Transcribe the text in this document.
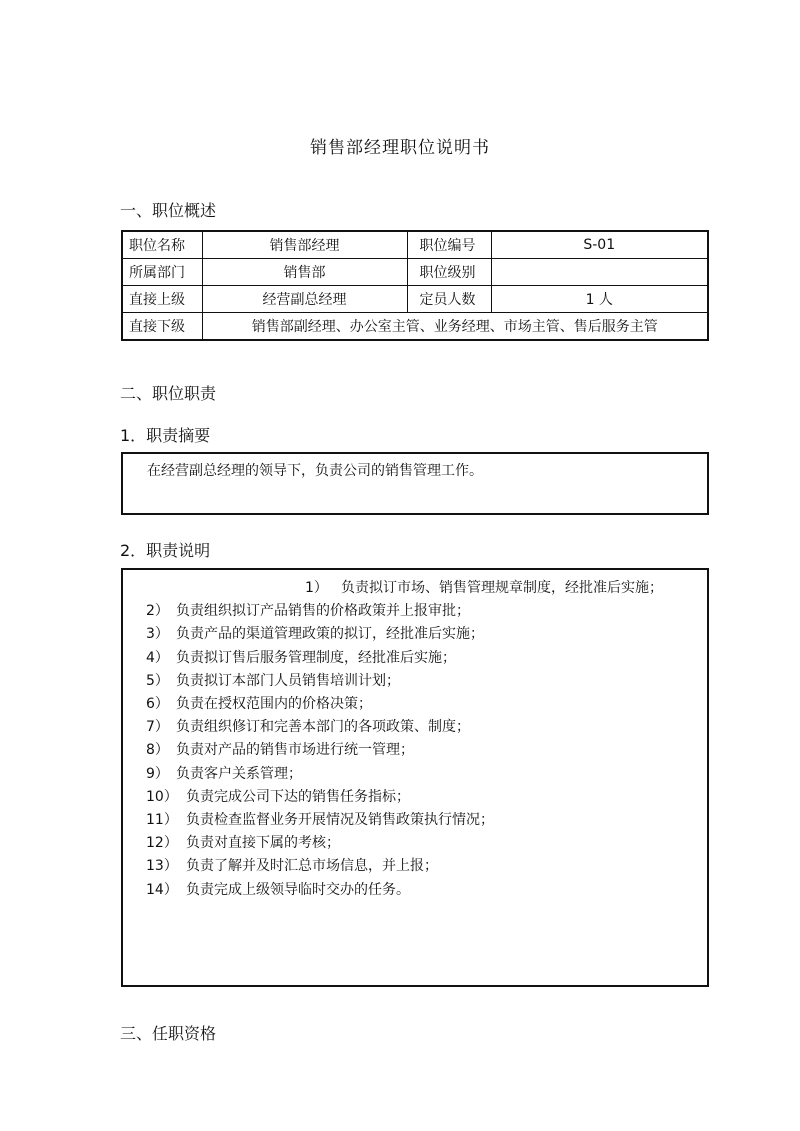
销售部经理职位说明书
一、职位概述
职位名称	销售部经理	职位编号	S-01
所属部门	销售部	职位级别	
直接上级	经营副总经理	定员人数	1 人
直接下级	销售部副经理、办公室主管、业务经理、市场主管、售后服务主管		
二、职位职责
1．职责摘要
在经营副总经理的领导下，负责公司的销售管理工作。
2．职责说明
1） 负责拟订市场、销售管理规章制度，经批准后实施；
2） 负责组织拟订产品销售的价格政策并上报审批；
3） 负责产品的渠道管理政策的拟订，经批准后实施；
4） 负责拟订售后服务管理制度，经批准后实施；
5） 负责拟订本部门人员销售培训计划；
6） 负责在授权范围内的价格决策；
7） 负责组织修订和完善本部门的各项政策、制度；
8） 负责对产品的销售市场进行统一管理；
9） 负责客户关系管理；
10） 负责完成公司下达的销售任务指标；
11） 负责检查监督业务开展情况及销售政策执行情况；
12） 负责对直接下属的考核；
13） 负责了解并及时汇总市场信息，并上报；
14） 负责完成上级领导临时交办的任务。
三、任职资格
